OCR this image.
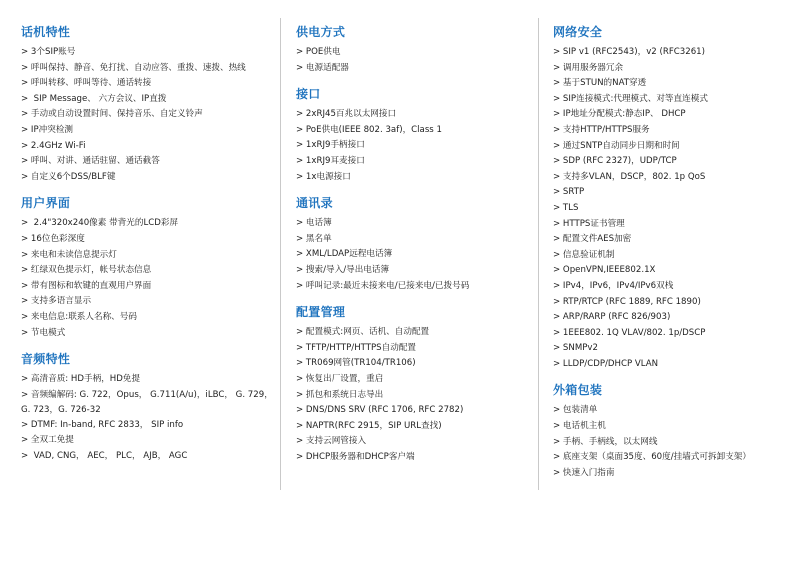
话机特性
> 3个SIP账号
> 呼叫保持、静音、免打扰、自动应答、重拨、速拨、热线
> 呼叫转移、呼叫等待、通话转接
>  SIP Message、 六方会议、IP直拨
> 手动或自动设置时间、保持音乐、自定义铃声
> IP冲突检测
> 2.4GHz Wi-Fi
> 呼叫、对讲、通话驻留、通话截答
> 自定义6个DSS/BLF键
用户界面
>  2.4"320x240像素 带背光的LCD彩屏
> 16位色彩深度
> 来电和未读信息提示灯
> 红绿双色提示灯，帐号状态信息
> 带有图标和软键的直观用户界面
> 支持多语言显示
> 来电信息:联系人名称、号码
> 节电模式
音频特性
> 高清音质: HD手柄，HD免提
> 音频编解码: G. 722，Opus， G.711(A/u)，iLBC， G. 729， G. 723，G. 726-32
> DTMF: In-band, RFC 2833， SIP info
> 全双工免提
>  VAD, CNG， AEC， PLC， AJB， AGC
供电方式
> POE供电
> 电源适配器
接口
> 2xRJ45百兆以太网接口
> PoE供电(IEEE 802. 3af)，Class 1
> 1xRJ9手柄接口
> 1xRJ9耳麦接口
> 1x电源接口
通讯录
> 电话簿
> 黑名单
> XML/LDAP远程电话簿
> 搜索/导入/导出电话簿
> 呼叫记录:最近未接来电/已接来电/已拨号码
配置管理
> 配置模式:网页、话机、自动配置
> TFTP/HTTP/HTTPS自动配置
> TR069网管(TR104/TR106)
> 恢复出厂设置，重启
> 抓包和系统日志导出
> DNS/DNS SRV (RFC 1706, RFC 2782)
> NAPTR(RFC 2915，SIP URL查找)
> 支持云网管接入
> DHCP服务器和DHCP客户端
网络安全
> SIP v1 (RFC2543)，v2 (RFC3261)
> 调用服务器冗余
> 基于STUN的NAT穿透
> SIP连接模式:代理模式、对等直连模式
> IP地址分配模式:静态IP、 DHCP
> 支持HTTP/HTTPS服务
> 通过SNTP自动同步日期和时间
> SDP (RFC 2327)，UDP/TCP
> 支持多VLAN，DSCP，802. 1p QoS
> SRTP
> TLS
> HTTPS证书管理
> 配置文件AES加密
> 信息验证机制
> OpenVPN,IEEE802.1X
> IPv4，IPv6，IPv4/IPv6双栈
> RTP/RTCP (RFC 1889, RFC 1890)
> ARP/RARP (RFC 826/903)
> 1EEE802. 1Q VLAV/802. 1p/DSCP
> SNMPv2
> LLDP/CDP/DHCP VLAN
外箱包装
> 包装清单
> 电话机主机
> 手柄、手柄线，以太网线
> 底座支架（桌面35度、60度/挂墙式可拆卸支架）
> 快速入门指南
